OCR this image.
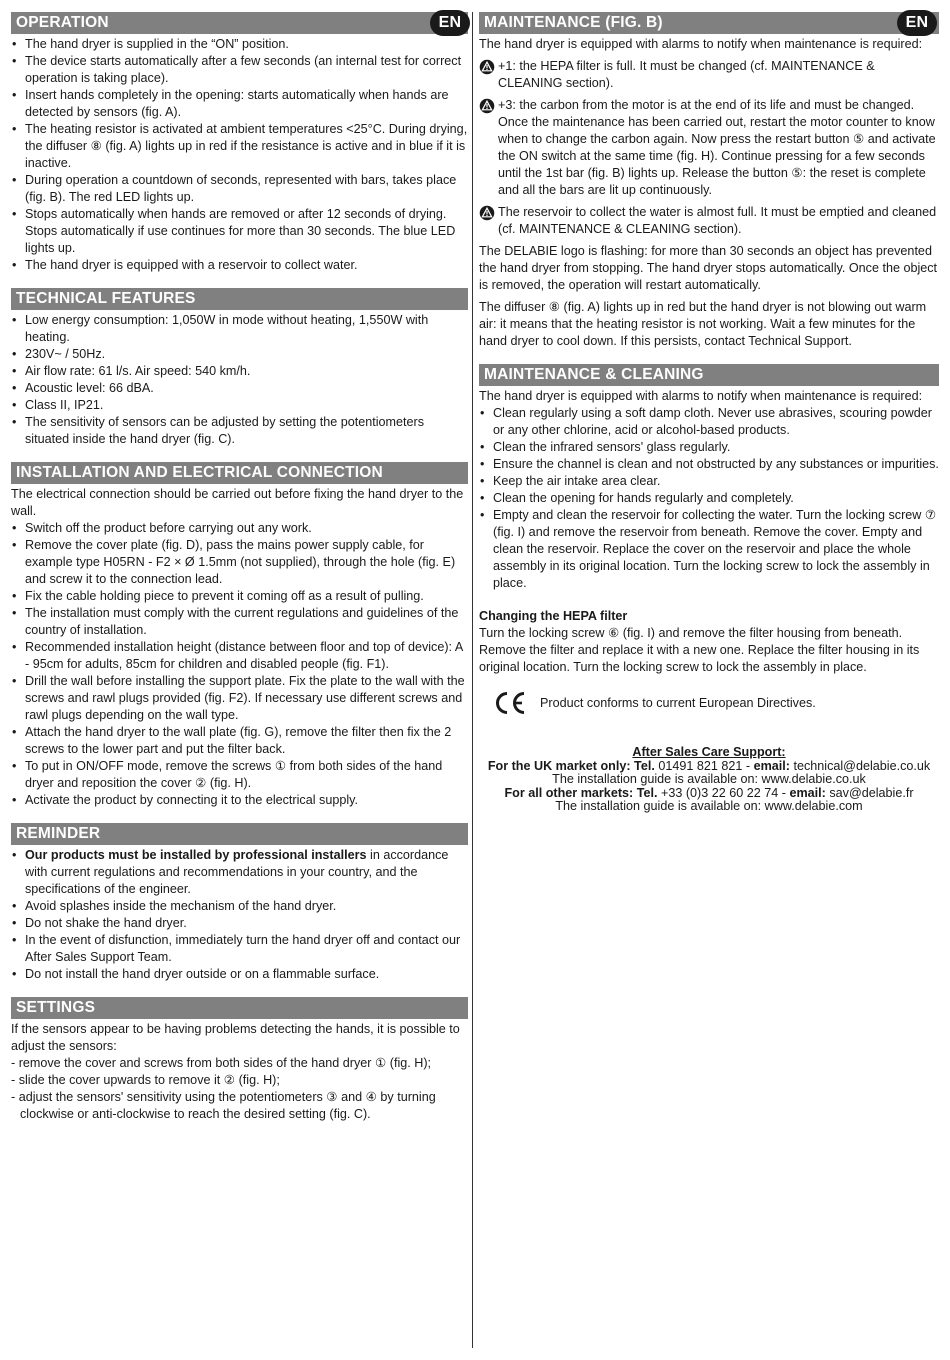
OPERATION	EN
• The hand dryer is supplied in the “ON” position.
• The device starts automatically after a few seconds (an internal test for correct operation is taking place).
• Insert hands completely in the opening: starts automatically when hands are detected by sensors (fig. A).
• The heating resistor is activated at ambient temperatures <25°C. During drying, the diffuser ⑧ (fig. A) lights up in red if the resistance is active and in blue if it is inactive.
• During operation a countdown of seconds, represented with bars, takes place (fig. B). The red LED lights up.
• Stops automatically when hands are removed or after 12 seconds of drying. Stops automatically if use continues for more than 30 seconds. The blue LED lights up.
• The hand dryer is equipped with a reservoir to collect water.
TECHNICAL FEATURES
• Low energy consumption: 1,050W in mode without heating, 1,550W with heating.
• 230V~ / 50Hz.
• Air flow rate: 61 l/s. Air speed: 540 km/h.
• Acoustic level: 66 dBA.
• Class II, IP21.
• The sensitivity of sensors can be adjusted by setting the potentiometers situated inside the hand dryer (fig. C).
INSTALLATION AND ELECTRICAL CONNECTION

The electrical connection should be carried out before fixing the hand dryer to the wall.

• Switch off the product before carrying out any work.
• Remove the cover plate (fig. D), pass the mains power supply cable, for example type H05RN - F2 × Ø 1.5mm (not supplied), through the hole (fig. E) and screw it to the connection lead.
• Fix the cable holding piece to prevent it coming off as a result of pulling.
• The installation must comply with the current regulations and guidelines of the country of installation.
• Recommended installation height (distance between floor and top of device): A - 95cm for adults, 85cm for children and disabled people (fig. F1).
• Drill the wall before installing the support plate. Fix the plate to the wall with the screws and rawl plugs provided (fig. F2). If necessary use different screws and rawl plugs depending on the wall type.
• Attach the hand dryer to the wall plate (fig. G), remove the filter then fix the 2 screws to the lower part and put the filter back.
• To put in ON/OFF mode, remove the screws ① from both sides of the hand dryer and reposition the cover ② (fig. H).
• Activate the product by connecting it to the electrical supply.
REMINDER
• Our products must be installed by professional installers in accordance with current regulations and recommendations in your country, and the specifications of the engineer.
• Avoid splashes inside the mechanism of the hand dryer.
• Do not shake the hand dryer.
• In the event of disfunction, immediately turn the hand dryer off and contact our After Sales Support Team.
• Do not install the hand dryer outside or on a flammable surface.
SETTINGS

If the sensors appear to be having problems detecting the hands, it is possible to adjust the sensors:

- remove the cover and screws from both sides of the hand dryer ① (fig. H);

- slide the cover upwards to remove it ② (fig. H);

- adjust the sensors' sensitivity using the potentiometers ③ and ④ by turning clockwise or anti-clockwise to reach the desired setting (fig. C).

MAINTENANCE (FIG. B)	EN

The hand dryer is equipped with alarms to notify when maintenance is required:

+1: the HEPA filter is full. It must be changed (cf. MAINTENANCE & CLEANING section).
+3: the carbon from the motor is at the end of its life and must be changed. Once the maintenance has been carried out, restart the motor counter to know when to change the carbon again. Now press the restart button ⑤ and activate the ON switch at the same time (fig. H). Continue pressing for a few seconds until the 1st bar (fig. B) lights up. Release the button ⑤: the reset is complete and all the bars are lit up continuously.
The reservoir to collect the water is almost full. It must be emptied and cleaned (cf. MAINTENANCE & CLEANING section).

The DELABIE logo is flashing: for more than 30 seconds an object has prevented the hand dryer from stopping. The hand dryer stops automatically. Once the object is removed, the operation will restart automatically.

The diffuser ⑧ (fig. A) lights up in red but the hand dryer is not blowing out warm air: it means that the heating resistor is not working. Wait a few minutes for the hand dryer to cool down. If this persists, contact Technical Support.

MAINTENANCE & CLEANING

The hand dryer is equipped with alarms to notify when maintenance is required:

• Clean regularly using a soft damp cloth. Never use abrasives, scouring powder or any other chlorine, acid or alcohol-based products.
• Clean the infrared sensors' glass regularly.
• Ensure the channel is clean and not obstructed by any substances or impurities.
• Keep the air intake area clear.
• Clean the opening for hands regularly and completely.
• Empty and clean the reservoir for collecting the water. Turn the locking screw ⑦ (fig. I) and remove the reservoir from beneath. Remove the cover. Empty and clean the reservoir. Replace the cover on the reservoir and place the whole assembly in its original location. Turn the locking screw to lock the assembly in place.

Changing the HEPA filter

Turn the locking screw ⑥ (fig. I) and remove the filter housing from beneath. Remove the filter and replace it with a new one. Replace the filter housing in its original location. Turn the locking screw to lock the assembly in place.

Product conforms to current European Directives.
After Sales Care Support:
For the UK market only: Tel. 01491 821 821 - email: technical@delabie.co.uk
The installation guide is available on: www.delabie.co.uk
For all other markets: Tel. +33 (0)3 22 60 22 74 - email: sav@delabie.fr
The installation guide is available on: www.delabie.com
